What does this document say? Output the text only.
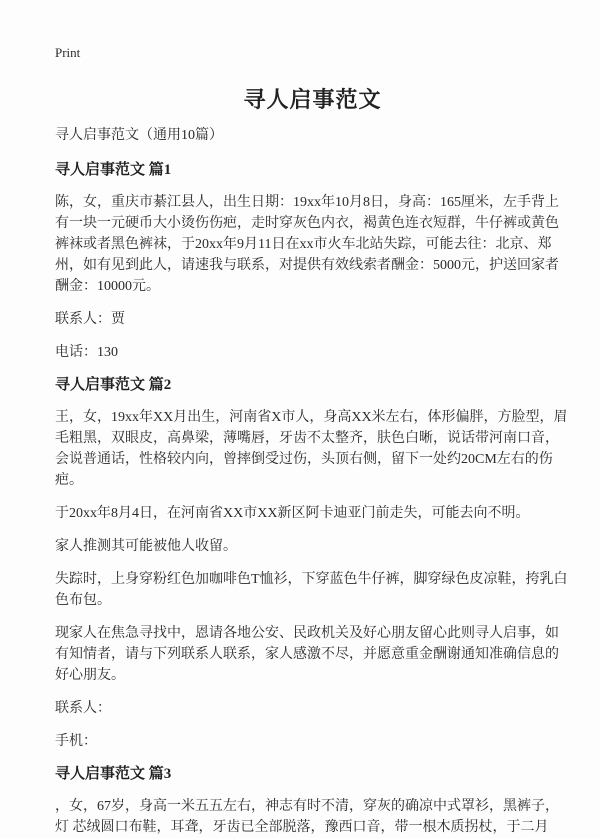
Print
寻人启事范文

寻人启事范文（通用10篇）

寻人启事范文 篇1

陈，女，重庆市綦江县人，出生日期：19xx年10月8日，身高：165厘米，左手背上有一块一元硬币大小烫伤伤疤，走时穿灰色内衣，褐黄色连衣短群，牛仔裤或黄色裤袜或者黑色裤袜，于20xx年9月11日在xx市火车北站失踪，可能去往：北京、郑州，如有见到此人，请速我与联系，对提供有效线索者酬金：5000元，护送回家者酬金：10000元。

联系人：贾

电话：130

寻人启事范文 篇2

王，女，19xx年XX月出生，河南省X市人，身高XX米左右，体形偏胖，方脸型，眉毛粗黑，双眼皮，高鼻梁，薄嘴唇，牙齿不太整齐，肤色白晰，说话带河南口音，会说普通话，性格较内向，曾摔倒受过伤，头顶右侧，留下一处约20CM左右的伤疤。

于20xx年8月4日，在河南省XX市XX新区阿卡迪亚门前走失，可能去向不明。

家人推测其可能被他人收留。

失踪时，上身穿粉红色加咖啡色T恤衫，下穿蓝色牛仔裤，脚穿绿色皮凉鞋，挎乳白色布包。

现家人在焦急寻找中，恩请各地公安、民政机关及好心朋友留心此则寻人启事，如有知情者，请与下列联系人联系，家人感激不尽，并愿意重金酬谢通知准确信息的好心朋友。

联系人：

手机：

寻人启事范文 篇3

，女，67岁，身高一米五五左右，神志有时不清，穿灰的确凉中式罩衫，黑裤子，灯 芯绒圆口布鞋，耳聋，牙齿已全部脱落，豫西口音，带一根木质拐杖，于二月
